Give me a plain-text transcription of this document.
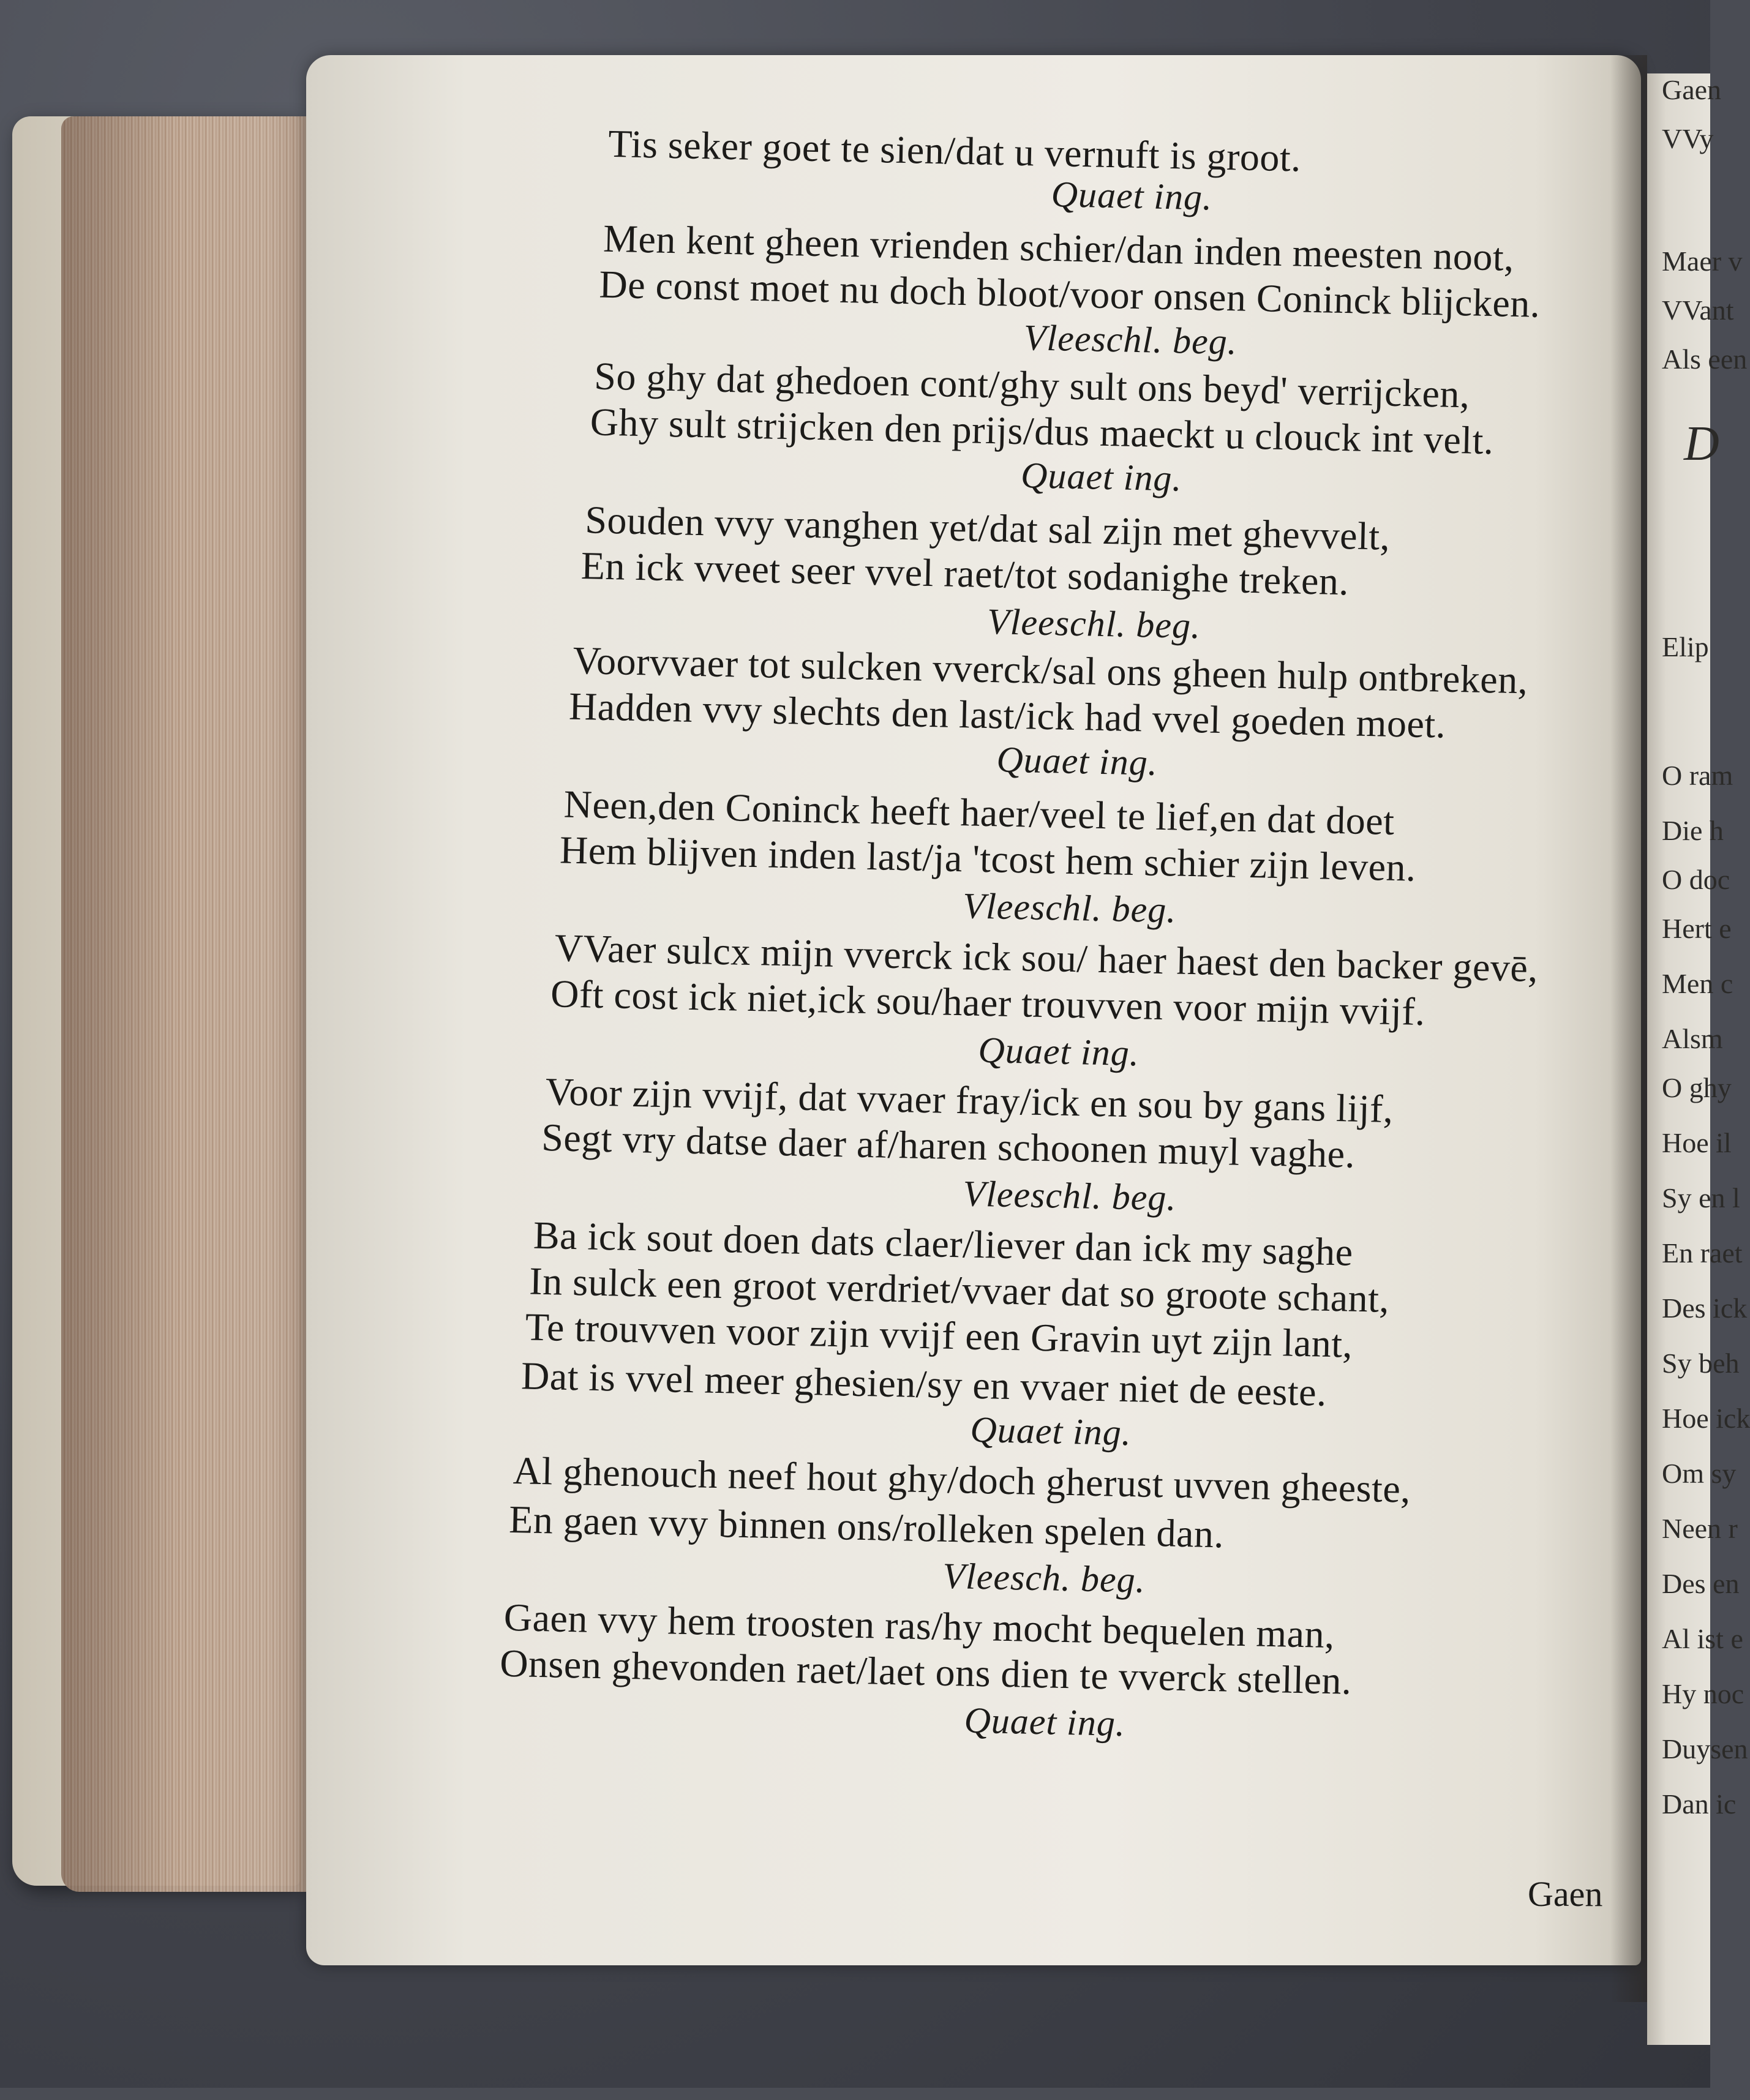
Gaen
VVy
Maer v
VVant
Als een
D
Elip
O ram
Die h
O doc
Hert e
Men c
Alsm
O ghy
Hoe il
Sy en l
En raet
Des ick
Sy beh
Hoe ick
Om sy
Neen r
Des en
Al ist e
Hy noc
Duysen
Dan ic
Tis seker goet te sien/dat u vernuft is groot.
Quaet ing.
Men kent gheen vrienden schier/dan inden meesten noot,
De const moet nu doch bloot/voor onsen Coninck blijcken.
Vleeschl. beg.
So ghy dat ghedoen cont/ghy sult ons beyd' verrijcken,
Ghy sult strijcken den prijs/dus maeckt u clouck int velt.
Quaet ing.
Souden vvy vanghen yet/dat sal zijn met ghevvelt,
En ick vveet seer vvel raet/tot sodanighe treken.
Vleeschl. beg.
Voorvvaer tot sulcken vverck/sal ons gheen hulp ontbreken,
Hadden vvy slechts den last/ick had vvel goeden moet.
Quaet ing.
Neen,den Coninck heeft haer/veel te lief,en dat doet
Hem blijven inden last/ja 'tcost hem schier zijn leven.
Vleeschl. beg.
VVaer sulcx mijn vverck ick sou/ haer haest den backer gevē,
Oft cost ick niet,ick sou/haer trouvven voor mijn vvijf.
Quaet ing.
Voor zijn vvijf, dat vvaer fray/ick en sou by gans lijf,
Segt vry datse daer af/haren schoonen muyl vaghe.
Vleeschl. beg.
Ba ick sout doen dats claer/liever dan ick my saghe
In sulck een groot verdriet/vvaer dat so groote schant,
Te trouvven voor zijn vvijf een Gravin uyt zijn lant,
Dat is vvel meer ghesien/sy en vvaer niet de eeste.
Quaet ing.
Al ghenouch neef hout ghy/doch gherust uvven gheeste,
En gaen vvy binnen ons/rolleken spelen dan.
Vleesch. beg.
Gaen vvy hem troosten ras/hy mocht bequelen man,
Onsen ghevonden raet/laet ons dien te vverck stellen.
Quaet ing.
Gaen
